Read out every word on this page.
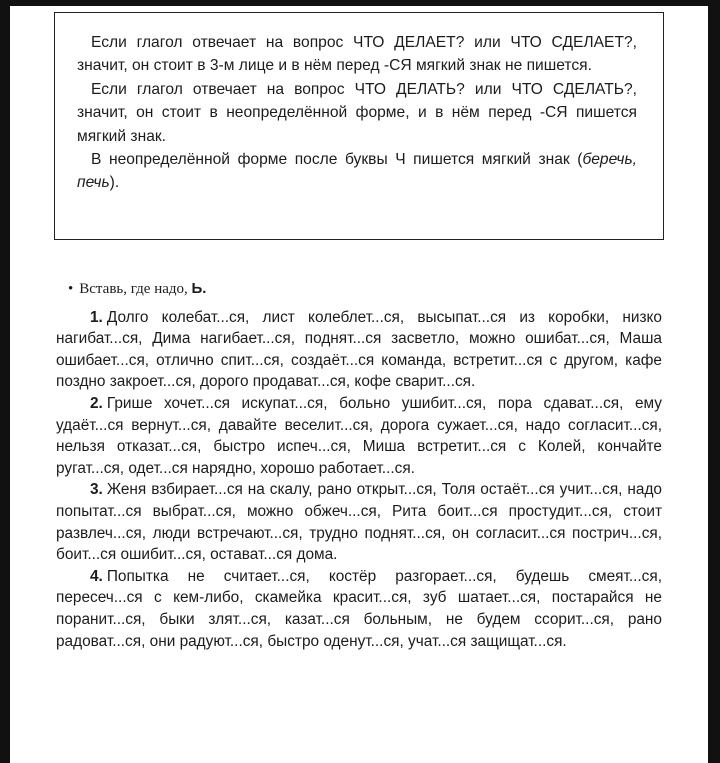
Если глагол отвечает на вопрос ЧТО ДЕЛАЕТ? или ЧТО СДЕЛАЕТ?, значит, он стоит в 3-м лице и в нём перед -СЯ мягкий знак не пишется.

Если глагол отвечает на вопрос ЧТО ДЕЛАТЬ? или ЧТО СДЕЛАТЬ?, значит, он стоит в неопределённой форме, и в нём перед -СЯ пишется мягкий знак.

В неопределённой форме после буквы Ч пишется мягкий знак (беречь, печь).

• Вставь, где надо, Ь.

1. Долго колебат...ся, лист колеблет...ся, высыпат...ся из коробки, низко нагибат...ся, Дима нагибает...ся, поднят...ся засветло, можно ошибат...ся, Маша ошибает...ся, отлично спит...ся, создаёт...ся команда, встретит...ся с другом, кафе поздно закроет...ся, дорого продават...ся, кофе сварит...ся.

2. Грише хочет...ся искупат...ся, больно ушибит...ся, пора сдават...ся, ему удаёт...ся вернут...ся, давайте веселит...ся, дорога сужает...ся, надо согласит...ся, нельзя отказат...ся, быстро испеч...ся, Миша встретит...ся с Колей, кончайте ругат...ся, одет...ся нарядно, хорошо работает...ся.

3. Женя взбирает...ся на скалу, рано открыт...ся, Толя остаёт...ся учит...ся, надо попытат...ся выбрат...ся, можно обжеч...ся, Рита боит...ся простудит...ся, стоит развлеч...ся, люди встречают...ся, трудно поднят...ся, он согласит...ся пострич...ся, боит...ся ошибит...ся, остават...ся дома.

4. Попытка не считает...ся, костёр разгорает...ся, будешь смеят...ся, пересеч...ся с кем-либо, скамейка красит...ся, зуб шатает...ся, постарайся не поранит...ся, быки злят...ся, казат...ся больным, не будем ссорит...ся, рано радоват...ся, они радуют...ся, быстро оденут...ся, учат...ся защищат...ся.
